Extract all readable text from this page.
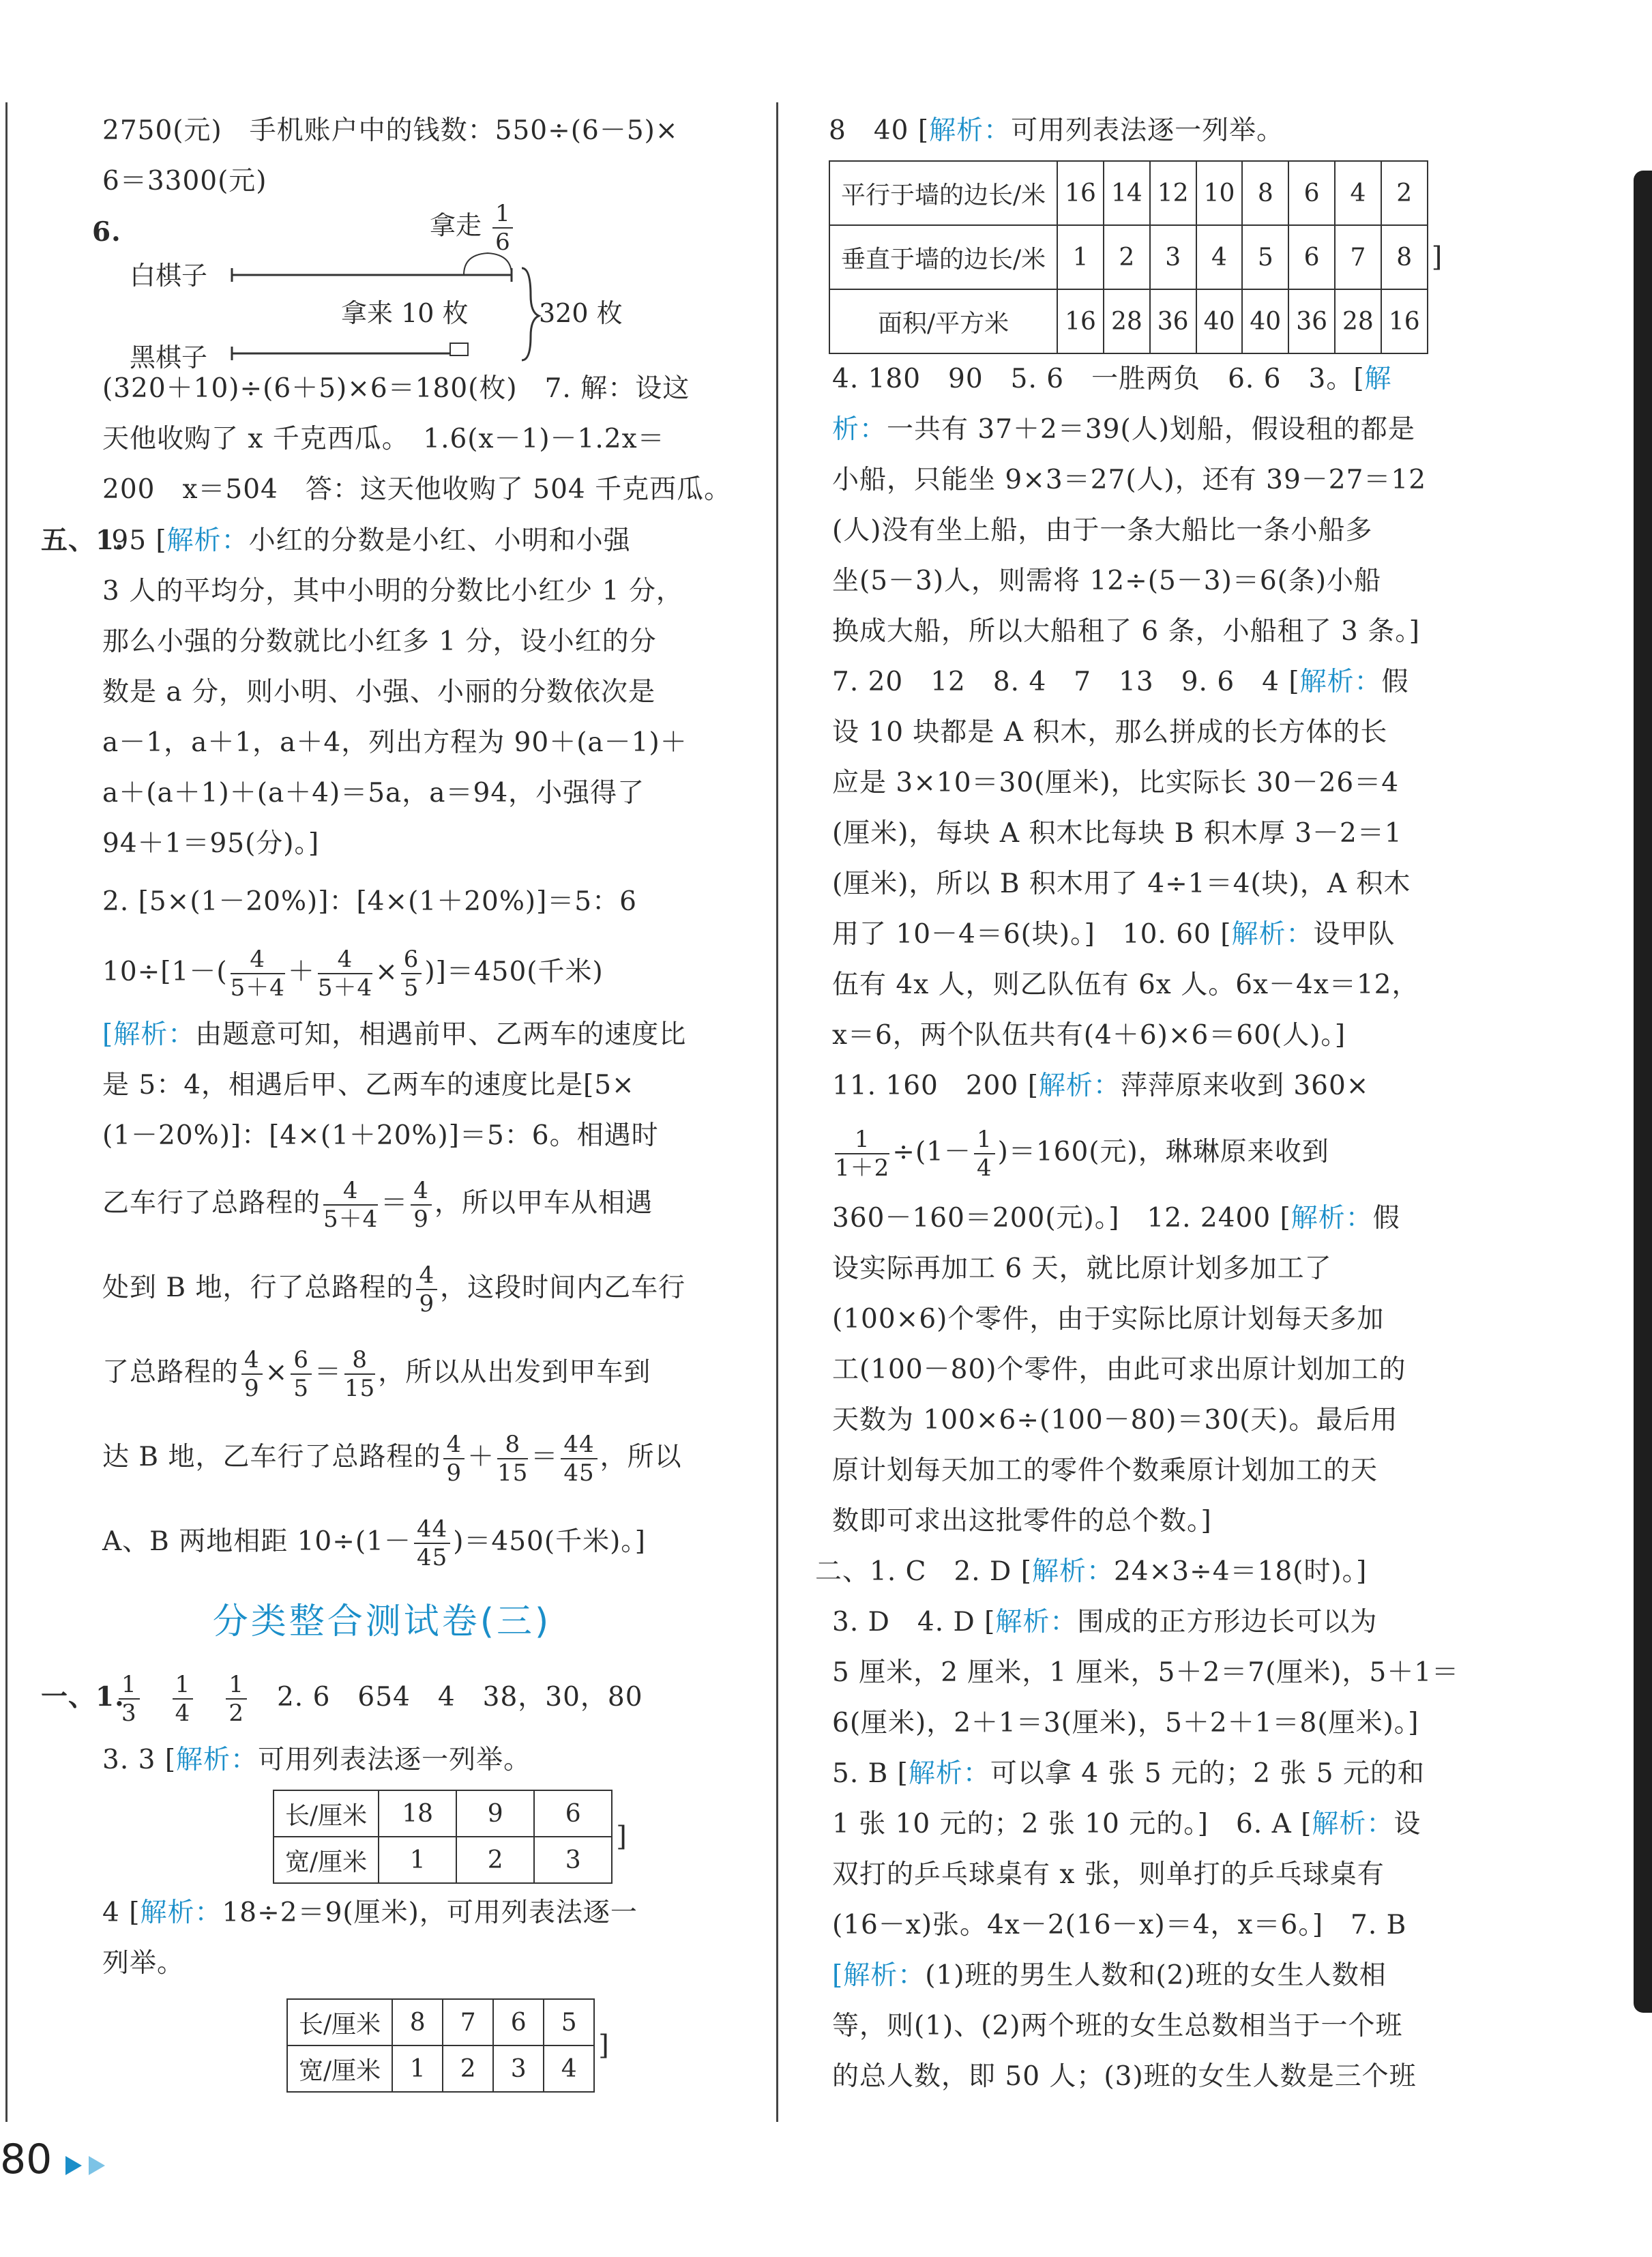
2750(元)　手机账户中的钱数：550÷(6－5)×
6＝3300(元)
6.	拿走 $\frac{1}{6}$
白棋子
黑棋子
拿来 10 枚	320 枚
(320＋10)÷(6＋5)×6＝180(枚)　7. 解：设这
天他收购了 x 千克西瓜。　1.6(x－1)－1.2x＝
200　x＝504　答：这天他收购了 504 千克西瓜。
五、1. 95 [解析：小红的分数是小红、小明和小强
3 人的平均分，其中小明的分数比小红少 1 分，
那么小强的分数就比小红多 1 分，设小红的分
数是 a 分，则小明、小强、小丽的分数依次是
a－1，a＋1，a＋4，列出方程为 90＋(a－1)＋
a＋(a＋1)＋(a＋4)＝5a，a＝94，小强得了
94＋1＝95(分)。]
2. [5×(1－20%)]：[4×(1＋20%)]＝5：6
$10\div[1-( \frac{4}{5+4} + \frac{4}{5+4} \times \frac{6}{5} )]=450$(千米)
[解析：由题意可知，相遇前甲、乙两车的速度比
是 5：4，相遇后甲、乙两车的速度比是[5×
(1－20%)]：[4×(1＋20%)]＝5：6。相遇时
乙车行了总路程的 $\frac{4}{5+4} = \frac{4}{9}$ ，所以甲车从相遇
处到 B 地，行了总路程的 $\frac{4}{9}$ ，这段时间内乙车行
了总路程的 $\frac{4}{9} \times \frac{6}{5} = \frac{8}{15}$ ，所以从出发到甲车到
达 B 地，乙车行了总路程的 $\frac{4}{9} + \frac{8}{15} = \frac{44}{45}$ ，所以
A、B 两地相距 $10\div(1- \frac{44}{45} )=450$(千米)。]
分类整合测试卷(三)
一、1.
$\frac{1}{3}$
　 $\frac{1}{4}$
　 $\frac{1}{2}$
　 2. 6　654　4　38，30，80
3. 3 [解析：可用列表法逐一列举。
长/厘米	18	9	6
宽/厘米	1	2	3 ]
4 [解析：18÷2＝9(厘米)，可用列表法逐一
列举。
长/厘米	8	7	6	5
宽/厘米	1	2	3	4 ]
8　40 [解析：可用列表法逐一列举。
平行于墙的边长/米	16	14	12	10	8	6	4	2
垂直于墙的边长/米	1	2	3	4	5	6	7	8
面积/平方米	16	28	36	40	40	36	28	16 ]
4. 180　90　5. 6　一胜两负　6. 6　3。[解
析：一共有 37＋2＝39(人)划船，假设租的都是
小船，只能坐 9×3＝27(人)，还有 39－27＝12
(人)没有坐上船，由于一条大船比一条小船多
坐(5－3)人，则需将 12÷(5－3)＝6(条)小船
换成大船，所以大船租了 6 条，小船租了 3 条。]
7. 20　12　8. 4　7　13　9. 6　4 [解析：假
设 10 块都是 A 积木，那么拼成的长方体的长
应是 3×10＝30(厘米)，比实际长 30－26＝4
(厘米)，每块 A 积木比每块 B 积木厚 3－2＝1
(厘米)，所以 B 积木用了 4÷1＝4(块)，A 积木
用了 10－4＝6(块)。]　10. 60 [解析：设甲队
伍有 4x 人，则乙队伍有 6x 人。6x－4x＝12，
x＝6，两个队伍共有(4＋6)×6＝60(人)。]
11. 160　200 [解析：萍萍原来收到 360×
$\frac{1}{1+2} \div(1- \frac{1}{4} )=160$(元)，琳琳原来收到
360－160＝200(元)。]　12. 2400 [解析：假
设实际再加工 6 天，就比原计划多加工了
(100×6)个零件，由于实际比原计划每天多加
工(100－80)个零件，由此可求出原计划加工的
天数为 100×6÷(100－80)＝30(天)。最后用
原计划每天加工的零件个数乘原计划加工的天
数即可求出这批零件的总个数。]
二、1. C　2. D [解析：24×3÷4＝18(时)。]
3. D　4. D [解析：围成的正方形边长可以为
5 厘米，2 厘米，1 厘米，5＋2＝7(厘米)，5＋1＝
6(厘米)，2＋1＝3(厘米)，5＋2＋1＝8(厘米)。]
5. B [解析：可以拿 4 张 5 元的；2 张 5 元的和
1 张 10 元的；2 张 10 元的。]　6. A [解析：设
双打的乒乓球桌有 x 张，则单打的乒乓球桌有
(16－x)张。4x－2(16－x)＝4，x＝6。]　7. B
[解析：(1)班的男生人数和(2)班的女生人数相
等，则(1)、(2)两个班的女生总数相当于一个班
的总人数，即 50 人；(3)班的女生人数是三个班
80
